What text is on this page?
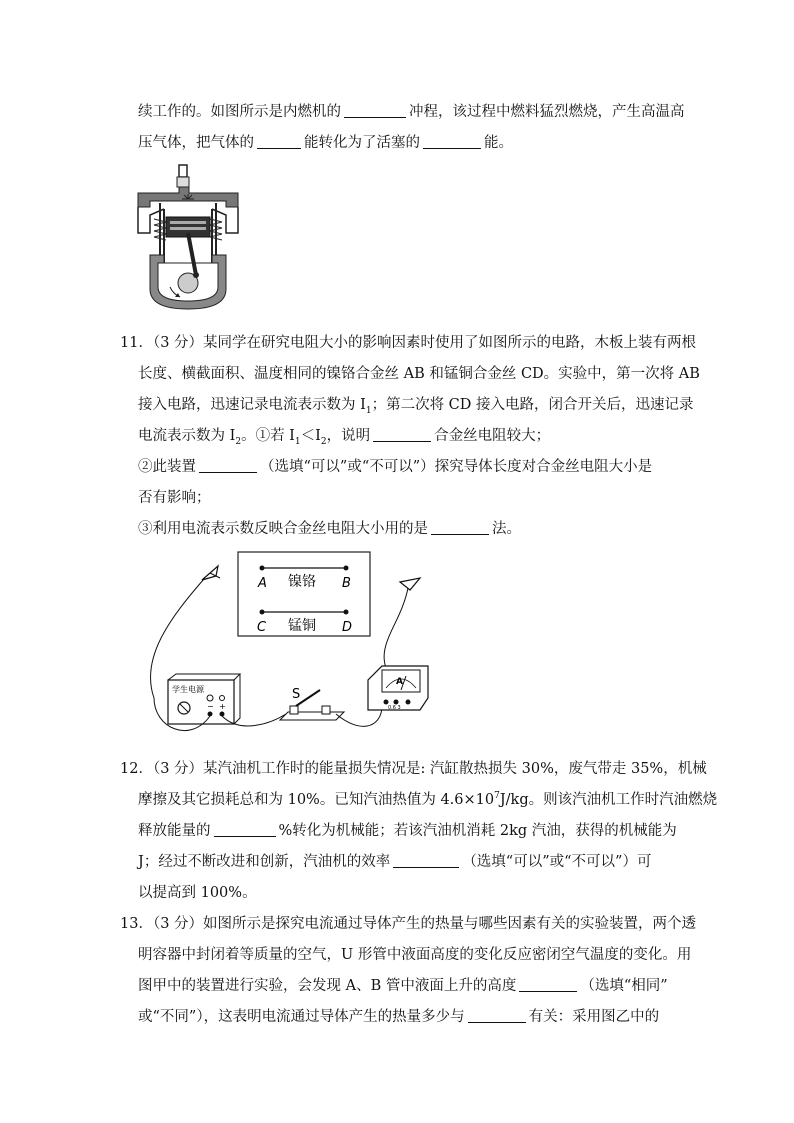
续工作的。如图所示是内燃机的	冲程，该过程中燃料猛烈燃烧，产生高温高
压气体，把气体的	能转化为了活塞的	能。
11．（3 分）某同学在研究电阻大小的影响因素时使用了如图所示的电路，木板上装有两根
长度、横截面积、温度相同的镍铬合金丝 AB 和锰铜合金丝 CD。实验中，第一次将 AB
接入电路，迅速记录电流表示数为 $I_1$；第二次将 CD 接入电路，闭合开关后，迅速记录
电流表示数为 $I_2$。①若 $I_1<I_2$，说明	合金丝电阻较大；
②此装置	（选填“可以”或“不可以”）探究导体长度对合金丝电阻大小是
否有影响；
③利用电流表示数反映合金丝电阻大小用的是	法。
A	B
镍铬
C	D
锰铜
学生电源
− +
S
A
0.6 3
12．（3 分）某汽油机工作时的能量损失情况是: 汽缸散热损失 30%，废气带走 35%，机械
摩擦及其它损耗总和为 10%。已知汽油热值为 $4.6\times 10^7J/kg$。则该汽油机工作时汽油燃烧
释放能量的	%转化为机械能；若该汽油机消耗 2kg 汽油，获得的机械能为
J；经过不断改进和创新，汽油机的效率	（选填“可以”或“不可以”）可
以提高到 100%。
13．（3 分）如图所示是探究电流通过导体产生的热量与哪些因素有关的实验装置，两个透
明容器中封闭着等质量的空气，U 形管中液面高度的变化反应密闭空气温度的变化。用
图甲中的装置进行实验，会发现 A、B 管中液面上升的高度	（选填“相同”
或“不同”），这表明电流通过导体产生的热量多少与	有关：采用图乙中的
